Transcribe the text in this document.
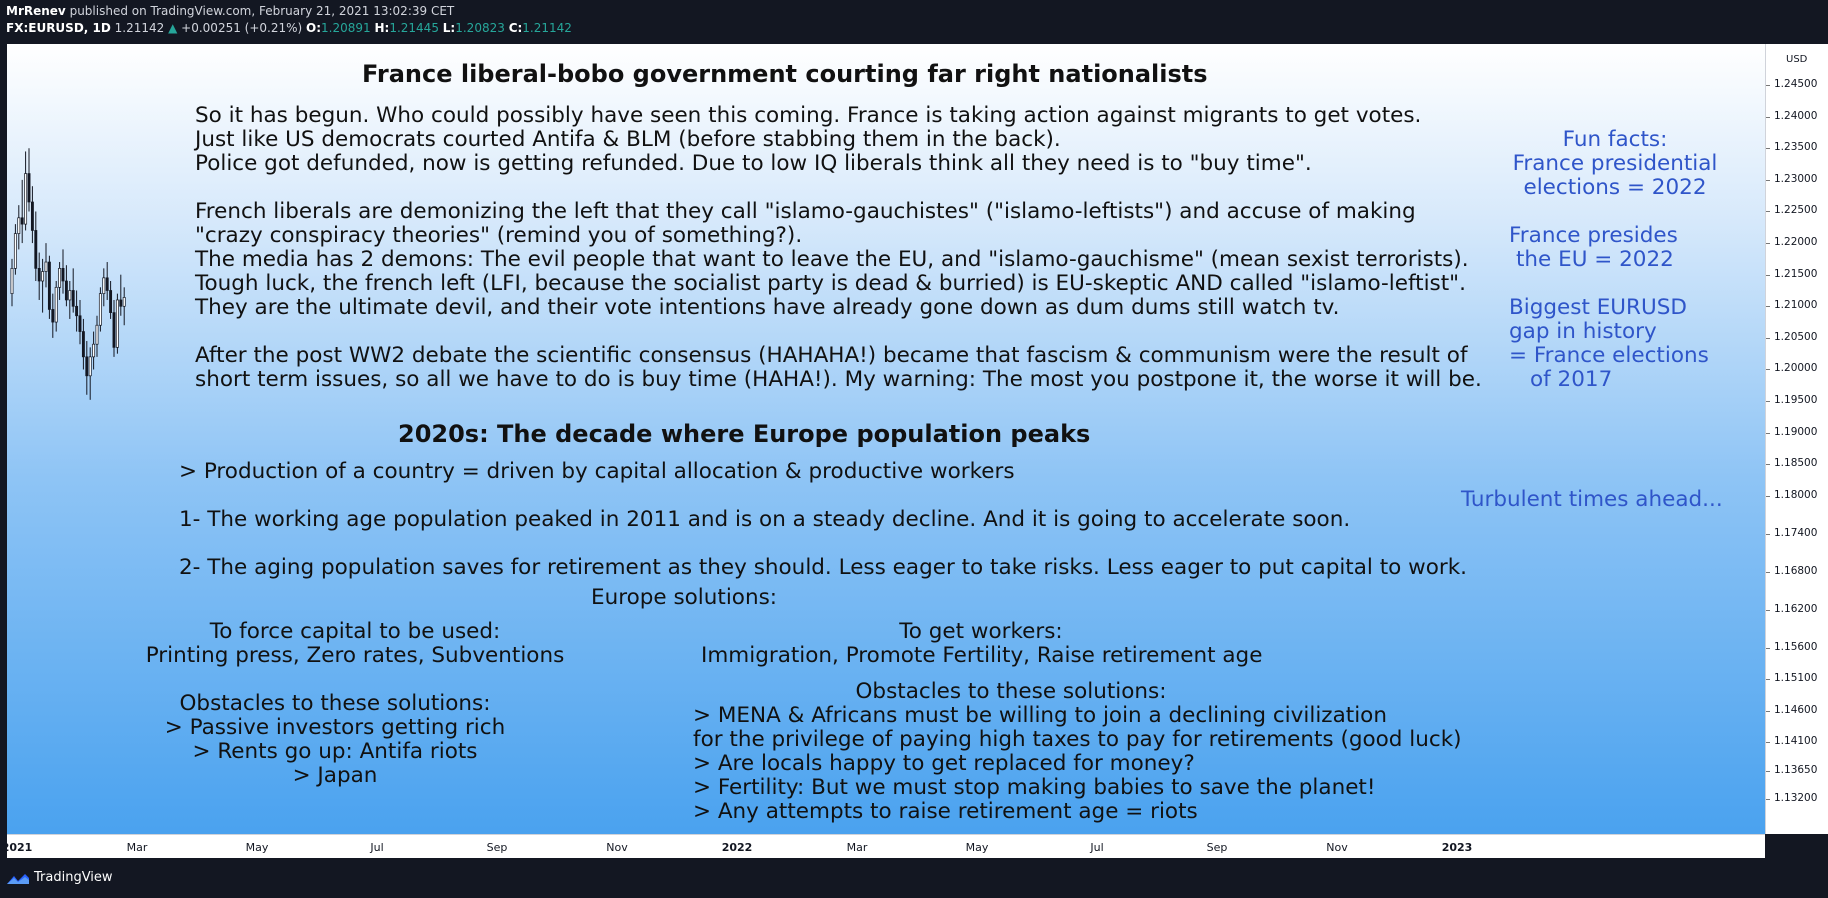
MrRenev published on TradingView.com, February 21, 2021 13:02:39 CET
FX:EURUSD, 1D 1.21142 ▲ +0.00251 (+0.21%) O:1.20891 H:1.21445 L:1.20823 C:1.21142
France liberal-bobo government courting far right nationalists
So it has begun. Who could possibly have seen this coming. France is taking action against migrants to get votes.
Just like US democrats courted Antifa & BLM (before stabbing them in the back).
Police got defunded, now is getting refunded. Due to low IQ liberals think all they need is to "buy time".
French liberals are demonizing the left that they call "islamo-gauchistes" ("islamo-leftists") and accuse of making
"crazy conspiracy theories" (remind you of something?).
The media has 2 demons: The evil people that want to leave the EU, and "islamo-gauchisme" (mean sexist terrorists).
Tough luck, the french left (LFI, because the socialist party is dead & burried) is EU-skeptic AND called "islamo-leftist".
They are the ultimate devil, and their vote intentions have already gone down as dum dums still watch tv.
After the post WW2 debate the scientific consensus (HAHAHA!) became that fascism & communism were the result of
short term issues, so all we have to do is buy time (HAHA!). My warning: The most you postpone it, the worse it will be.
2020s: The decade where Europe population peaks
> Production of a country = driven by capital allocation & productive workers
1- The working age population peaked in 2011 and is on a steady decline. And it is going to accelerate soon.
2- The aging population saves for retirement as they should. Less eager to take risks. Less eager to put capital to work.
Europe solutions:
To force capital to be used:
Printing press, Zero rates, Subventions
Obstacles to these solutions:
> Passive investors getting rich
> Rents go up: Antifa riots
> Japan
To get workers:
Immigration, Promote Fertility, Raise retirement age
Obstacles to these solutions:
> MENA & Africans must be willing to join a declining civilization
for the privilege of paying high taxes to pay for retirements (good luck)
> Are locals happy to get replaced for money?
> Fertility: But we must stop making babies to save the planet!
> Any attempts to raise retirement age = riots
Fun facts:
France presidential
elections = 2022
France presides
the EU = 2022
Biggest EURUSD
gap in history
= France elections
of 2017
Turbulent times ahead...
USD
1.24500
1.24000
1.23500
1.23000
1.22500
1.22000
1.21500
1.21000
1.20500
1.20000
1.19500
1.19000
1.18500
1.18000
1.17400
1.16800
1.16200
1.15600
1.15100
1.14600
1.14100
1.13650
1.13200
2021	Mar	May	Jul	Sep	Nov	2022	Mar	May	Jul	Sep	Nov	2023
TradingView
